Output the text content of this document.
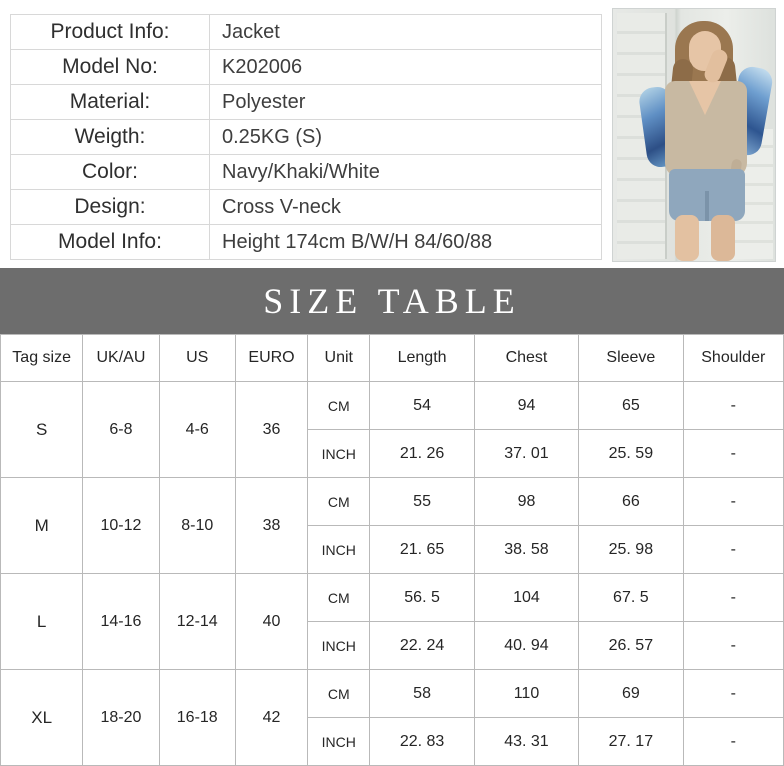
Product Info:	Jacket
Model No:	K202006
Material:	Polyester
Weigth:	0.25KG (S)
Color:	Navy/Khaki/White
Design:	Cross V-neck
Model Info:	Height 174cm B/W/H 84/60/88
SIZE TABLE
Tag size	UK/AU	US	EURO	Unit	Length	Chest	Sleeve	Shoulder
S	6-8	4-6	36	CM	54	94	65	-
				INCH	21. 26	37. 01	25. 59	-
M	10-12	8-10	38	CM	55	98	66	-
				INCH	21. 65	38. 58	25. 98	-
L	14-16	12-14	40	CM	56. 5	104	67. 5	-
				INCH	22. 24	40. 94	26. 57	-
XL	18-20	16-18	42	CM	58	110	69	-
				INCH	22. 83	43. 31	27. 17	-
